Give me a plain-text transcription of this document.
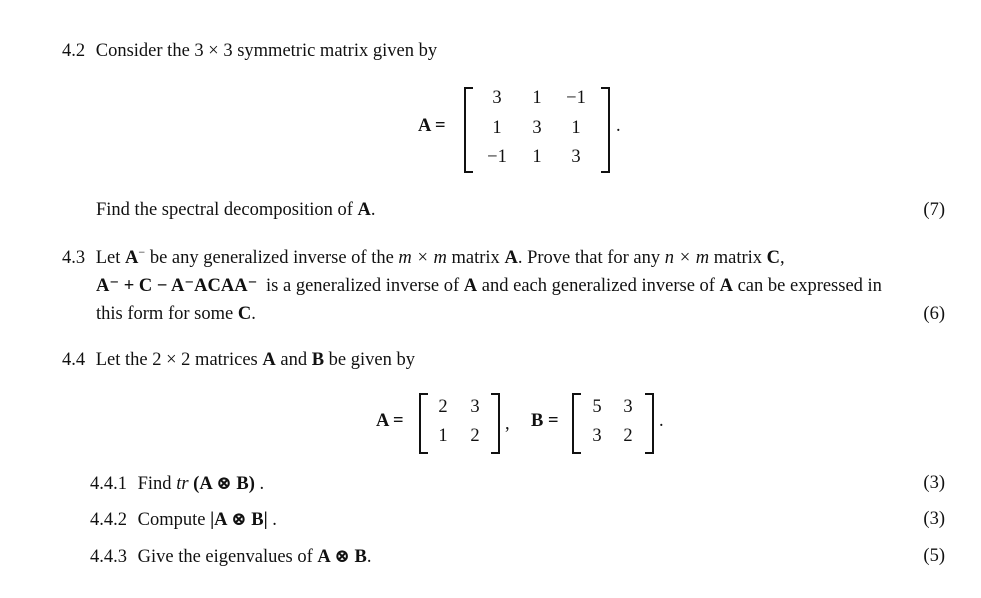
4.2 Consider the 3 × 3 symmetric matrix given by
A =
3	1	−1
1	3	1
−1	1	3
.
Find the spectral decomposition of A.	(7)
4.3 Let A− be any generalized inverse of the m × m matrix A. Prove that for any n × m matrix C,
A⁻ + C − A⁻ACAA⁻ is a generalized inverse of A and each generalized inverse of A can be expressed in
this form for some C.	(6)
4.4 Let the 2 × 2 matrices A and B be given by
A =
2	3
1	2
, B =
5	3
3	2
.
4.4.1 Find tr (A ⊗ B) .	(3)
4.4.2 Compute |A ⊗ B| .	(3)
4.4.3 Give the eigenvalues of A ⊗ B.	(5)
